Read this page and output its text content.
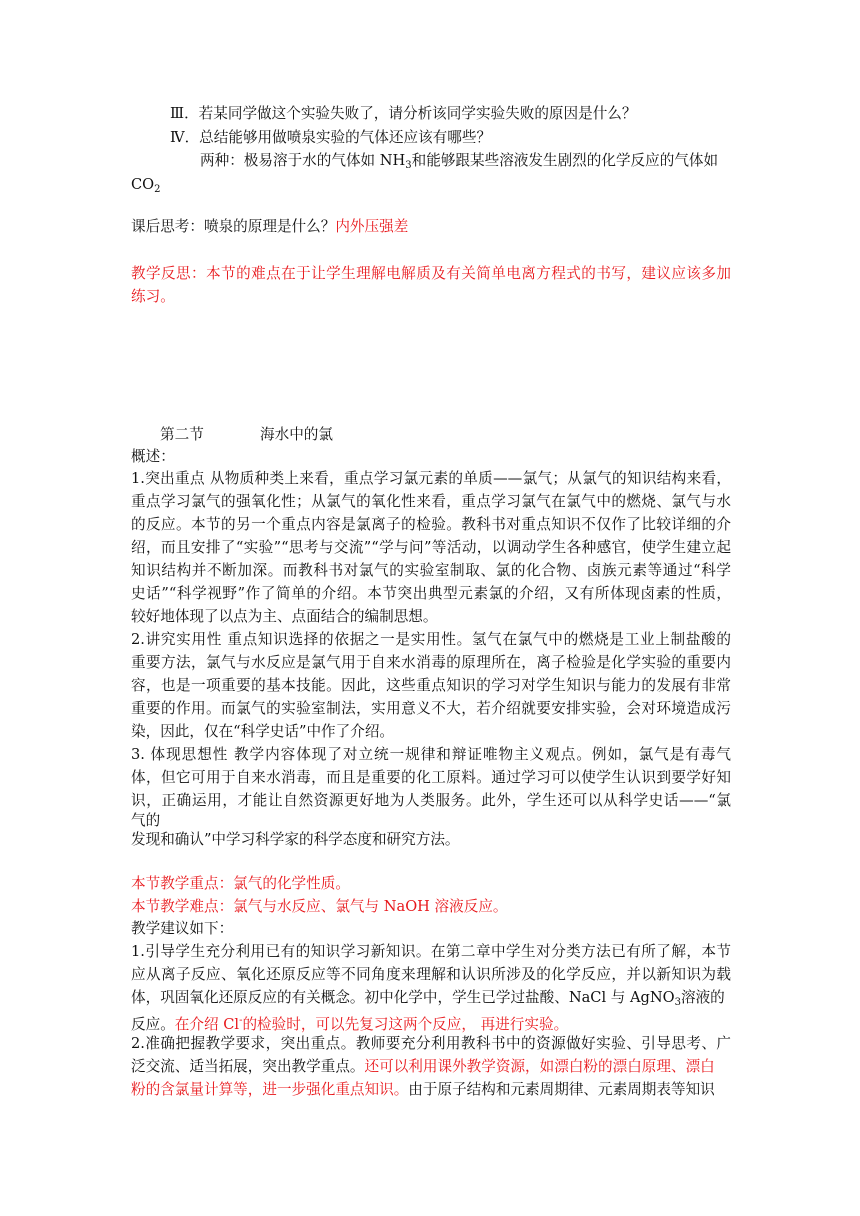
Ⅲ．若某同学做这个实验失败了，请分析该同学实验失败的原因是什么？
Ⅳ．总结能够用做喷泉实验的气体还应该有哪些？
两种：极易溶于水的气体如 $NH_3$和能够跟某些溶液发生剧烈的化学反应的气体如
$CO_2$
课后思考：喷泉的原理是什么？内外压强差
教学反思：本节的难点在于让学生理解电解质及有关简单电离方程式的书写，建议应该多加
练习。
第二节	海水中的氯
概述：
1.突出重点 从物质种类上来看，重点学习氯元素的单质——氯气；从氯气的知识结构来看，
重点学习氯气的强氧化性；从氯气的氧化性来看，重点学习氯气在氯气中的燃烧、氯气与水
的反应。本节的另一个重点内容是氯离子的检验。教科书对重点知识不仅作了比较详细的介
绍，而且安排了“实验”“思考与交流”“学与问”等活动，以调动学生各种感官，使学生建立起
知识结构并不断加深。而教科书对氯气的实验室制取、氯的化合物、卤族元素等通过“科学
史话”“科学视野”作了简单的介绍。本节突出典型元素氯的介绍，又有所体现卤素的性质，
较好地体现了以点为主、点面结合的编制思想。
2.讲究实用性 重点知识选择的依据之一是实用性。氢气在氯气中的燃烧是工业上制盐酸的
重要方法，氯气与水反应是氯气用于自来水消毒的原理所在，离子检验是化学实验的重要内
容，也是一项重要的基本技能。因此，这些重点知识的学习对学生知识与能力的发展有非常
重要的作用。而氯气的实验室制法，实用意义不大，若介绍就要安排实验，会对环境造成污
染，因此，仅在“科学史话”中作了介绍。
3. 体现思想性 教学内容体现了对立统一规律和辩证唯物主义观点。例如，氯气是有毒气
体，但它可用于自来水消毒，而且是重要的化工原料。通过学习可以使学生认识到要学好知
识，正确运用，才能让自然资源更好地为人类服务。此外，学生还可以从科学史话——“氯
气的
发现和确认”中学习科学家的科学态度和研究方法。
本节教学重点：氯气的化学性质。
本节教学难点：氯气与水反应、氯气与 NaOH 溶液反应。
教学建议如下：
1.引导学生充分利用已有的知识学习新知识。在第二章中学生对分类方法已有所了解，本节
应从离子反应、氧化还原反应等不同角度来理解和认识所涉及的化学反应，并以新知识为载
体，巩固氧化还原反应的有关概念。初中化学中，学生已学过盐酸、NaCl 与 AgNO$_3$溶液的
反应。在介绍 Cl-的检验时，可以先复习这两个反应， 再进行实验。
2.准确把握教学要求，突出重点。教师要充分利用教科书中的资源做好实验、引导思考、广
泛交流、适当拓展，突出教学重点。还可以利用课外教学资源，如漂白粉的漂白原理、漂白
粉的含氯量计算等，进一步强化重点知识。由于原子结构和元素周期律、元素周期表等知识
